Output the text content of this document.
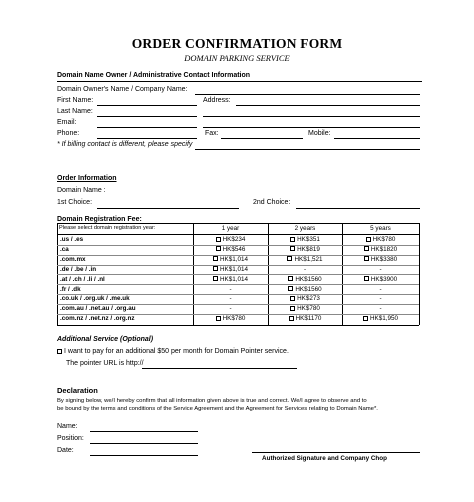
ORDER CONFIRMATION FORM
DOMAIN PARKING SERVICE
Domain Name Owner / Administrative Contact Information
Domain Owner's Name / Company Name:
First Name:	Address:
Last Name:
Email:
Phone:	Fax:	Mobile:
* If billing contact is different, please specify
Order Information
Domain Name :
1st Choice:	2nd Choice:
Domain Registration Fee:
Please select domain registration year:	1 year	2 years	5 years
.us / .es	HK$234	HK$351	HK$780
.ca	HK$546	HK$819	HK$1820
.com.mx	HK$1,014	HK$1,521	HK$3380
.de / .be / .in	HK$1,014	-	-
.at / .ch / .li / .nl	HK$1,014	HK$1560	HK$3900
.fr / .dk	-	HK$1560	-
.co.uk / .org.uk / .me.uk	-	HK$273	-
.com.au / .net.au / .org.au	-	HK$780	-
.com.nz / .net.nz / .org.nz	HK$780	HK$1170	HK$1,950
Additional Service (Optional)
I want to pay for an additional $50 per month for Domain Pointer service.
The pointer URL is http://
Declaration
By signing below, we/I hereby confirm that all information given above is true and correct. We/I agree to observe and to
be bound by the terms and conditions of the Service Agreement and the Agreement for Services relating to Domain Name*.
Name:
Position:
Date:
Authorized Signature and Company Chop
